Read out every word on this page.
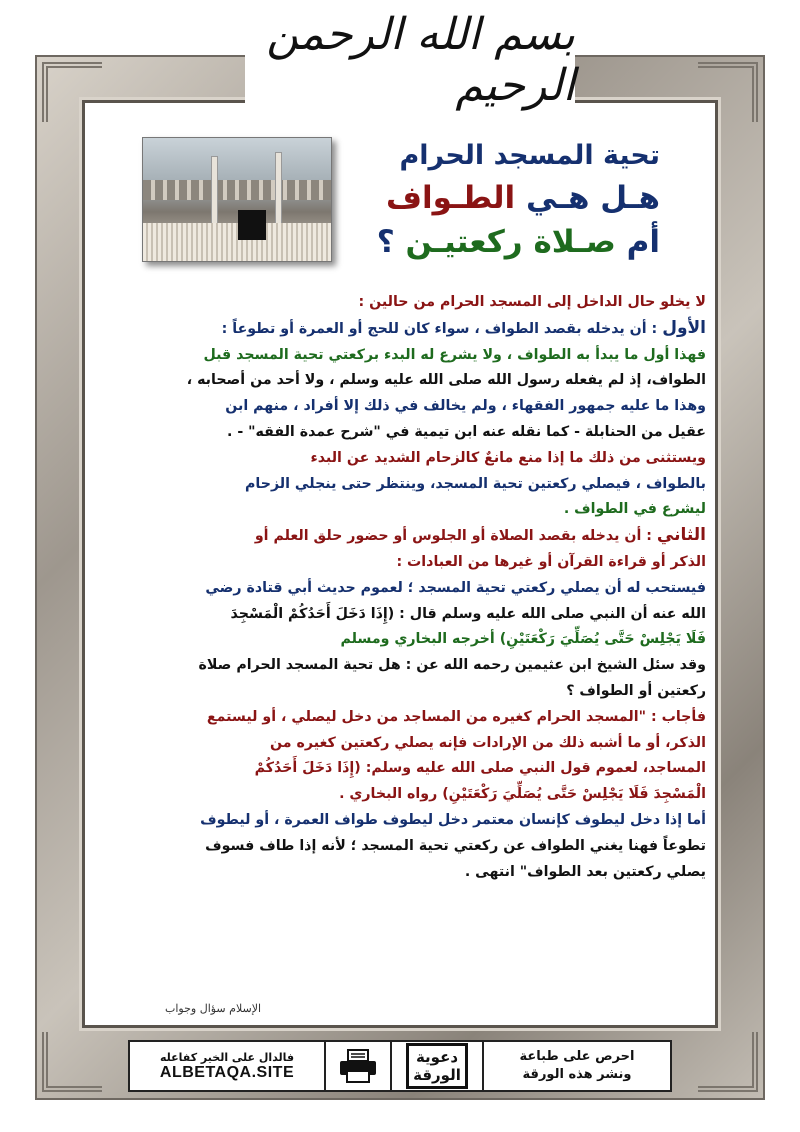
بسم الله الرحمن الرحيم
تحية المسجد الحرام
هـل هـي الطـواف
أم صـلاة ركعتيـن ؟
لا يخلو حال الداخل إلى المسجد الحرام من حالين :
الأول : أن يدخله بقصد الطواف ، سواء كان للحج أو العمرة أو تطوعاً :
فهذا أول ما يبدأ به الطواف ، ولا يشرع له البدء بركعتي تحية المسجد قبل
الطواف، إذ لم يفعله رسول الله صلى الله عليه وسلم ، ولا أحد من أصحابه ،
وهذا ما عليه جمهور الفقهاء ، ولم يخالف في ذلك إلا أفراد ، منهم ابن
عقيل من الحنابلة - كما نقله عنه ابن تيمية في "شرح عمدة الفقه" - .
ويستثنى من ذلك ما إذا منع مانعٌ كالزحام الشديد عن البدء
بالطواف ، فيصلي ركعتين تحية المسجد، وينتظر حتى ينجلي الزحام
ليشرع في الطواف .
الثاني : أن يدخله بقصد الصلاة أو الجلوس أو حضور حلق العلم أو
الذكر أو قراءة القرآن أو غيرها من العبادات :
فيستحب له أن يصلي ركعتي تحية المسجد ؛ لعموم حديث أبي قتادة رضي
الله عنه أن النبي صلى الله عليه وسلم قال : (إِذَا دَخَلَ أَحَدُكُمْ الْمَسْجِدَ
فَلَا يَجْلِسْ حَتَّى يُصَلِّيَ رَكْعَتَيْنِ) أخرجه البخاري ومسلم
وقد سئل الشيخ ابن عثيمين رحمه الله عن : هل تحية المسجد الحرام صلاة
ركعتين أو الطواف ؟
فأجاب : "المسجد الحرام كغيره من المساجد من دخل ليصلي ، أو ليستمع
الذكر، أو ما أشبه ذلك من الإرادات فإنه يصلي ركعتين كغيره من
المساجد، لعموم قول النبي صلى الله عليه وسلم: (إِذَا دَخَلَ أَحَدُكُمْ
الْمَسْجِدَ فَلَا يَجْلِسْ حَتَّى يُصَلِّيَ رَكْعَتَيْنِ) رواه البخاري .
أما إذا دخل ليطوف كإنسان معتمر دخل ليطوف طواف العمرة ، أو ليطوف
تطوعاً فهنا يغني الطواف عن ركعتي تحية المسجد ؛ لأنه إذا طاف فسوف
يصلي ركعتين بعد الطواف" انتهى .
الإسلام سؤال وجواب
فالدال على الخير كفاعله
ALBETAQA.SITE
دعوية
الورقة
احرص على طباعة
ونشر هذه الورقة
